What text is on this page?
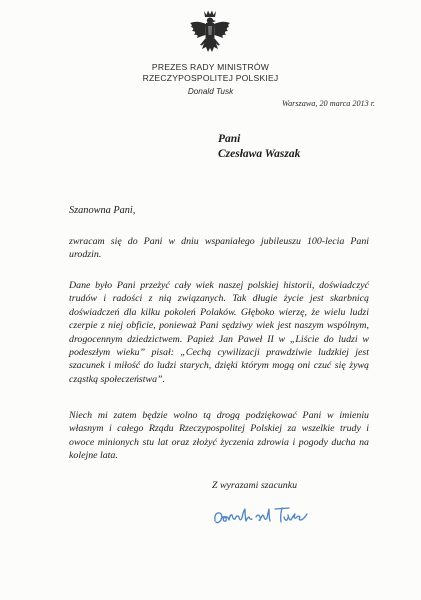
PREZES RADY MINISTRÓW
RZECZYPOSPOLITEJ POLSKIEJ
Donald Tusk
Warszawa, 20 marca 2013 r.
Pani
Czesława Waszak
Szanowna Pani,

zwracam się do Pani w dniu wspaniałego jubileuszu 100-lecia Pani urodzin.

Dane było Pani przeżyć cały wiek naszej polskiej historii, doświadczyć trudów i radości z nią związanych. Tak długie życie jest skarbnicą doświadczeń dla kilku pokoleń Polaków. Głęboko wierzę, że wielu ludzi czerpie z niej obficie, ponieważ Pani sędziwy wiek jest naszym wspólnym, drogocennym dziedzictwem. Papież Jan Paweł II w „Liście do ludzi w podeszłym wieku” pisał: „Cechą cywilizacji prawdziwie ludzkiej jest szacunek i miłość do ludzi starych, dzięki którym mogą oni czuć się żywą cząstką społeczeństwa”.

Niech mi zatem będzie wolno tą drogą podziękować Pani w imieniu własnym i całego Rządu Rzeczypospolitej Polskiej za wszelkie trudy i owoce minionych stu lat oraz złożyć życzenia zdrowia i pogody ducha na kolejne lata.

Z wyrazami szacunku
